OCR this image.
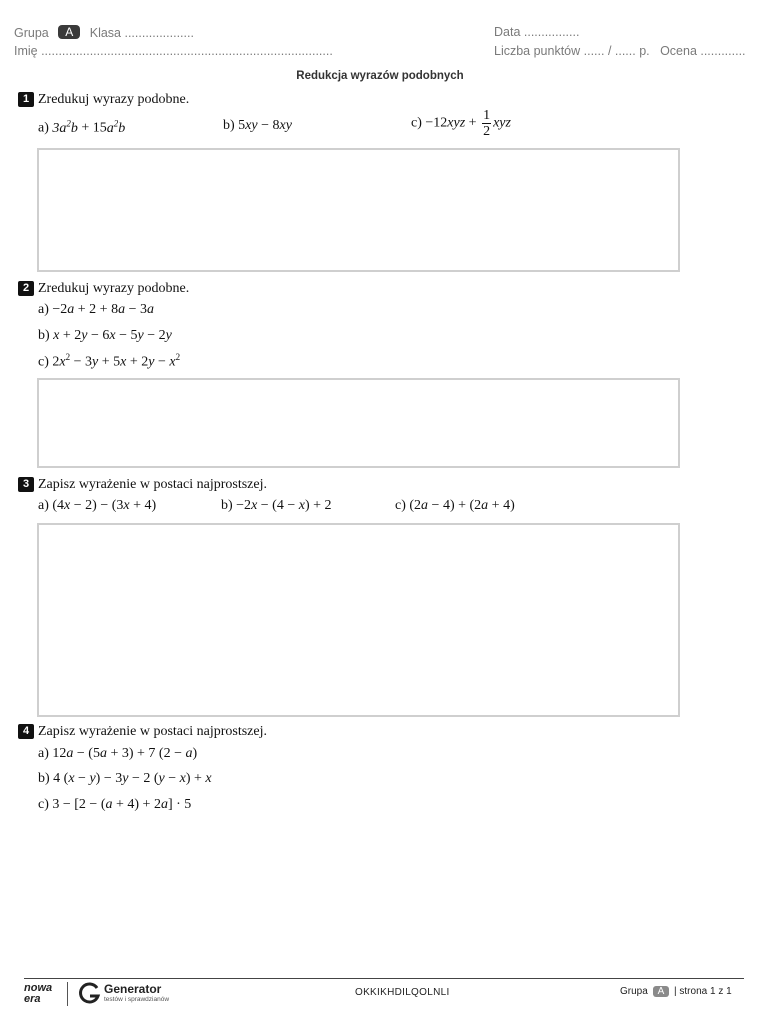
Grupa A Klasa ....................
Imię ....................................................................................
Data ................
Liczba punktów ...... / ...... p. Ocena .............
Redukcja wyrazów podobnych
1 Zredukuj wyrazy podobne.
a) $3a^2b + 15a^2b$	b) 5xy − 8xy	$c) -12xyz + \frac{1}{2}$ xyz
2 Zredukuj wyrazy podobne.
a) −2a + 2 + 8a − 3a
b) x + 2y − 6x − 5y − 2y
c) $2x^2 - 3y + 5x + 2y - x^2$
3 Zapisz wyrażenie w postaci najprostszej.
a) (4x − 2) − (3x + 4)	b) −2x − (4 − x) + 2	c) (2a − 4) + (2a + 4)
4 Zapisz wyrażenie w postaci najprostszej.
a) 12a − (5a + 3) + 7 (2 − a)
b) 4 (x − y) − 3y − 2 (y − x) + x
c) 3 − [2 − (a + 4) + 2a] · 5
nowa era
Generator
testów i sprawdzianów
OKKIKHDILQOLNLI	Grupa A | strona 1 z 1
